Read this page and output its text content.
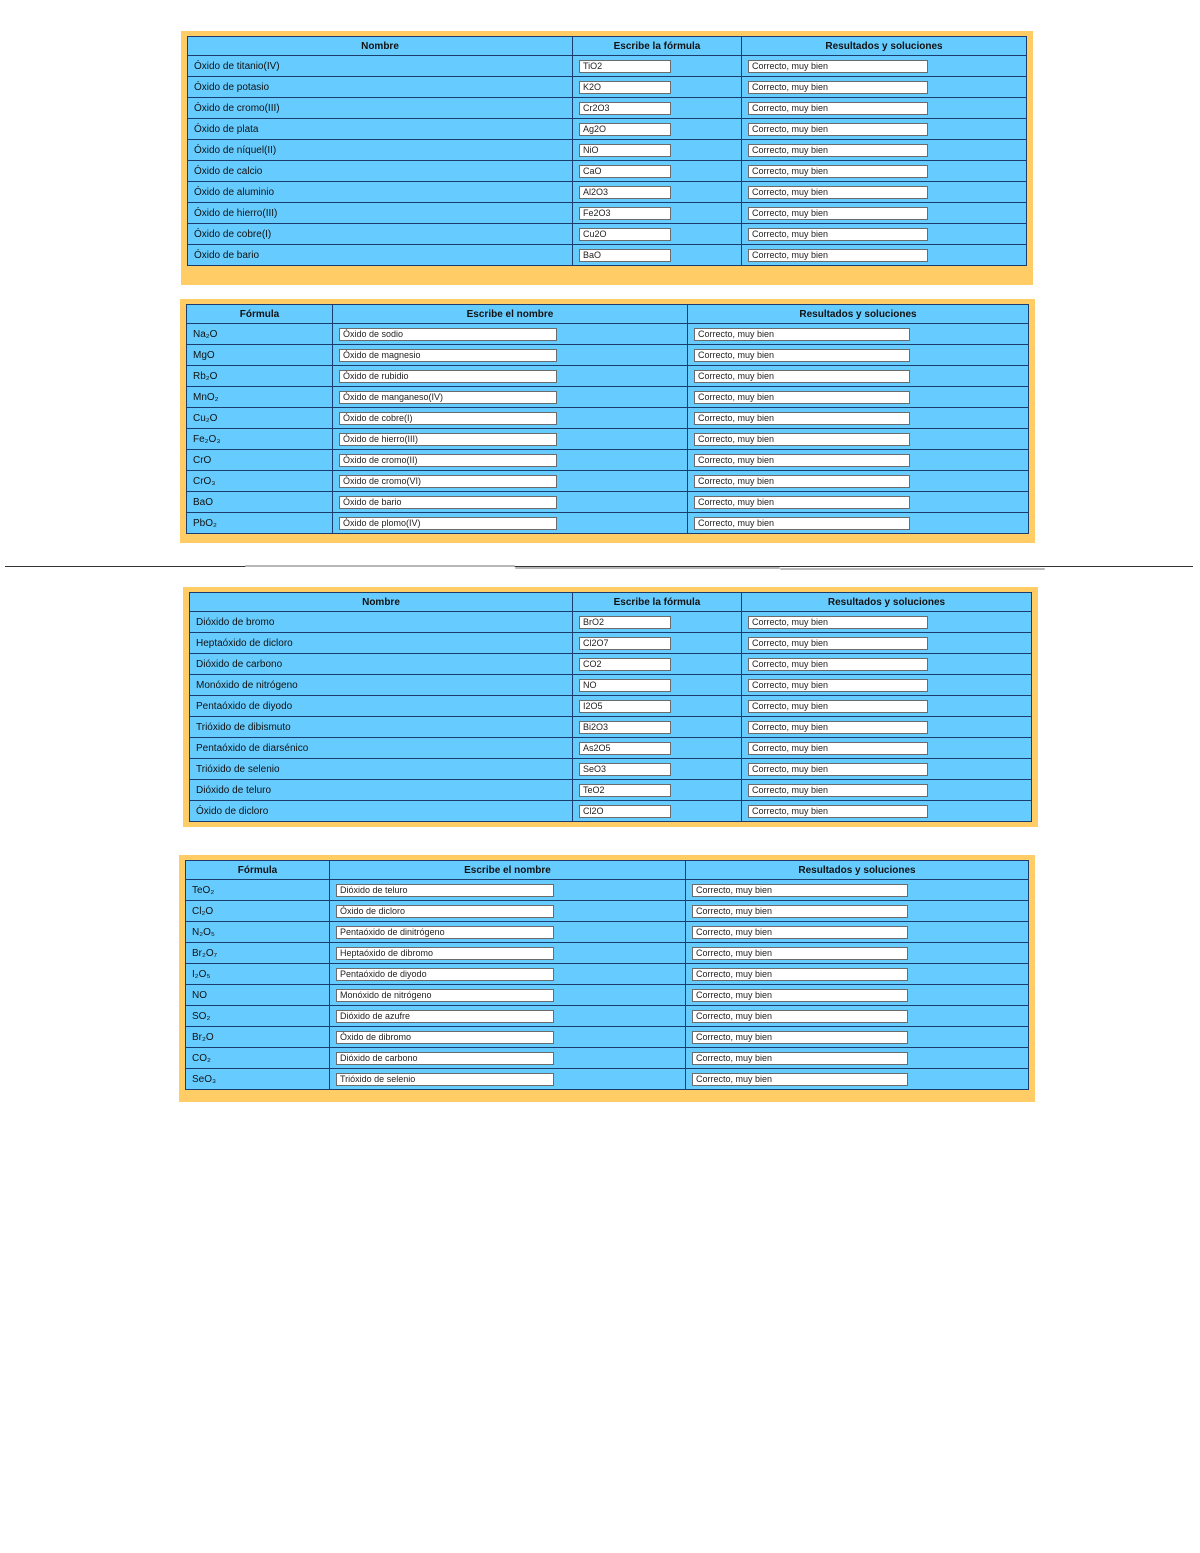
Nombre	Escribe la fórmula	Resultados y soluciones
Óxido de titanio(IV)	TiO2	Correcto, muy bien
Óxido de potasio	K2O	Correcto, muy bien
Óxido de cromo(III)	Cr2O3	Correcto, muy bien
Óxido de plata	Ag2O	Correcto, muy bien
Óxido de níquel(II)	NiO	Correcto, muy bien
Óxido de calcio	CaO	Correcto, muy bien
Óxido de aluminio	Al2O3	Correcto, muy bien
Óxido de hierro(III)	Fe2O3	Correcto, muy bien
Óxido de cobre(I)	Cu2O	Correcto, muy bien
Óxido de bario	BaO	Correcto, muy bien
Fórmula	Escribe el nombre	Resultados y soluciones
Na₂O	Óxido de sodio	Correcto, muy bien
MgO	Óxido de magnesio	Correcto, muy bien
Rb₂O	Óxido de rubidio	Correcto, muy bien
MnO₂	Óxido de manganeso(IV)	Correcto, muy bien
Cu₂O	Óxido de cobre(I)	Correcto, muy bien
Fe₂O₃	Óxido de hierro(III)	Correcto, muy bien
CrO	Óxido de cromo(II)	Correcto, muy bien
CrO₃	Óxido de cromo(VI)	Correcto, muy bien
BaO	Óxido de bario	Correcto, muy bien
PbO₂	Óxido de plomo(IV)	Correcto, muy bien
Nombre	Escribe la fórmula	Resultados y soluciones
Dióxido de bromo	BrO2	Correcto, muy bien
Heptaóxido de dicloro	Cl2O7	Correcto, muy bien
Dióxido de carbono	CO2	Correcto, muy bien
Monóxido de nitrógeno	NO	Correcto, muy bien
Pentaóxido de diyodo	I2O5	Correcto, muy bien
Trióxido de dibismuto	Bi2O3	Correcto, muy bien
Pentaóxido de diarsénico	As2O5	Correcto, muy bien
Trióxido de selenio	SeO3	Correcto, muy bien
Dióxido de teluro	TeO2	Correcto, muy bien
Óxido de dicloro	Cl2O	Correcto, muy bien
Fórmula	Escribe el nombre	Resultados y soluciones
TeO₂	Dióxido de teluro	Correcto, muy bien
Cl₂O	Óxido de dicloro	Correcto, muy bien
N₂O₅	Pentaóxido de dinitrógeno	Correcto, muy bien
Br₂O₇	Heptaóxido de dibromo	Correcto, muy bien
I₂O₅	Pentaóxido de diyodo	Correcto, muy bien
NO	Monóxido de nitrógeno	Correcto, muy bien
SO₂	Dióxido de azufre	Correcto, muy bien
Br₂O	Óxido de dibromo	Correcto, muy bien
CO₂	Dióxido de carbono	Correcto, muy bien
SeO₃	Trióxido de selenio	Correcto, muy bien
